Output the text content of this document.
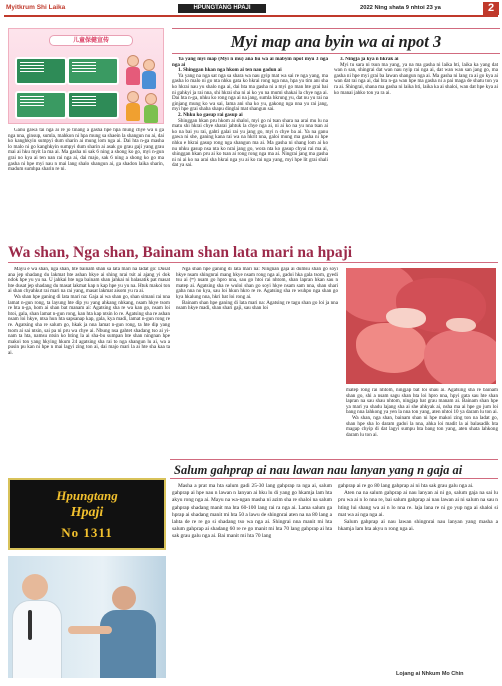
Myitkrum Shi Laika	HPUNGTANG HPAJI	2022 Ning shata 9 nhtoi 23 ya	2
儿童保健宣传	Myi map ana byin wa ai npot 3

Ganu gawa tai nga ai re jo tinang a gasha hpe hpa mung chye wa u ga nga nna, ginsup, sumla, mahkon ni hpa mung sa shaein la shangun nu ai, dai ko kanghkyin sumpyi dum sharin ai mung lom nga ai. Dai hta n-ga masha lo malo ni go kanghkyin sumpyi dum sharin ai asak go grau gaji yang grau mai ai hku myit la ma ai. Ma gasha ni sak 6 ning a shong ko go, myi n-gun grai no kya ai ten nan rai nga ai, dai majo, sak 6 ning a shong ko go ma gasha ni hpe myi nau n mai lang shalo shangun ai, ga shadon laika sharin, madum sumhpa sharin re ni.

Ya yang myi map (Myi n mu) ana hu wa ai mabyin npot myu 3 nga nga ai

1. Shinggan hkan nga hkom ai ten nau gadun ai

Ya yang na nga sat nga sa shara wa nau gyip mat wa sai re nga yang, ma gasha lo malo ni go nta nhku gata ko hkrai rong nga nna, hpa yu tim ani sha ko hkrai nau yu shalo nga ai, dai hta ma gasha ni a myi go man hte grai bai ni gahkyi ja rai nna, shi hkrai sha ni ai ko yu na mumi shakai la chye nga ai. Dai hta n-ga, nhku ko rong nga ai na jang, sumla hkrung yu, dat nu yu rai na ginjang mung ko wa sai, lama ani sha ko yu, gakong nga nna yu rai jang, myi hpe grai shaba shapu dinglai mat shangun sai.

2. Nhku ko gasup rai gasup ai

Shinggan hkan pru hkom ai shaloi, myi go ni tsan shara na arai mu lu na matu shi hkrai chye sharai jahtuk la chye nga ai, ni ai ko na yu nna tsan ai ko na bai yu rai, gahti galai rai yu jang go, myi n chye ba ai. Ya na ganu gawa ni she, ganing kana rai wa na hkrit nna, galoi mung ma gasha ni hpe nhku e hkrai gasup rong nga shangun ma ai. Ma gasha ni shang lom ai ko nu nhku gasup nsa nta ko nrai jang go, wora nta ko gasup chyai rai ma ai, shinggan hkan pru ai ko tsan ai rong rong nga ma ai. Ningrai jang ma gasha ni ni ai ko na arai sha hkrai nga yu ai ko rai nga yang, myi hpe lit grai shali dat ya sai.

3. Ningja ja kya n hkrak ai

Myi tu sara ni tsun ma yang, ya na ma gasha ni laika hti, laika ka yang dat wan n san, shingrai dat wan nau nyip rai nga ai, dat wan wan san jang go, ma gasha ni hpe myi grai ba lawan shangun nga ai. Ma gasha ni lang ra ai go kya ai wan dat rai nga ai, dai hta n-ga wan hpe ma gasha ni a pai maga de shatu ton ya ra ai. Shingrai, shana ma gasha ni laika hti, laika ka ai shaloi, wan dat hpe kya ai ko manai jahko ton ya ra ai.

Wa shan, Nga shan, Bainam shan lata mari na hpaji

Mayu e wa shan, nga shan, hte bainam shan sa lata mari na ladat go: Dusat ana jep shadang du lakmat hte ashan hkye ai shing nrai tsit ai ajang yi dok ndok hpe yu yu na. U jahkai hte nga bainam shan jahkai ni balasatik pat masat hte dusat jep shadang du masat lakmat kap n kap hpe yu yu na. Htuk makoi ton ai shan chyahkut rai mari na rai yang, masat lakmat aisom yu ra ai.

Wa shan hpe ganing di lata mari na: Gaja ai wa shan go, shan simani rai nna lamat n-gun rong, ta layung hte dip yu yang ahkang nhkang, nsam hkye tsom re hta n-ga, hom ai shan bat manam ai: Agatsing sha re wa kan go, nsam loi htoi, gala, shan lamat n-gun rong, kan hta kap ntsin lo re. Agatsing sha re ashan nsam loi hkye, ntsa hun hta sapsanap kap, gala, kya madi, lamat n-gun rong re re. Agatsing sha re salum go, hkak ja nna lamat n-gun rong, ta hte dip yang tsom ai sai ntsin, sai pa ni pru wa chye ai. Nbung nsa gahtet shadang tso ai yi-nam ta hta, namsu ntsin ko hting la ai sha-bu sumpan hte shan ningnan hpe makoi ton yang hkying hkum 24 agatsing sha rai to nga shangun lu ai, wa a pusin pu kan ni hpe n mai lagyi zing ton ai, dai majo mari la ai hte sha kaa ta ai.

Nga shan hpe ganing di lata mari na: Ningnan gaja ai dumsu shan go soyi hkye nsam shingnrai mang hkye nsam rong nga ai, gadoi hka gala tsom, gyedi tsu ai (ᵉᵉ) nsam go hpro nna, sau go htoi rai nhtom, shan lapran hkan sau n matep ai. Agatsing sha re wuloi shan go soyi hkye nsam sam nna, shan shari gaba nna no kya, sau loi hkun hkro re re. Agatsing sha re wuhpo nga shan go kya hkalung nna, hkri bat loi rong ai.

Bainam shan hpe ganing di lata mari na: Agatsing re tagu shan go loi ja nna nsam hkye madi, shan shari gaji, sau shan loi

matep rong rai nhtom, ningjap bat loi shau ai. Agatsing sha re bainam shan go, shi a nsam sagu shan hta loi hpro nna, hpyi gata sau hte shan lapran na sau shau nhtom, ningjap bat grau manam ai. Bainam shan hpe ya mari ya shadu lajang sha ai she ahkyak ai, nsha ma ai hpe go jum loi bang nna lahkong ya yen la nna ton yang, aten nhtoi 10 ya daram lu ton ai.

Wa shan, nga shan, bainam shan ni hpe makoi zing ton na ladat go, shan hpe sha lo daram gadoi la nna, ahka loi madit la ai balasadik hta magap chyip di dat lagyi sumpu hta bang ton yang, aten shata lahkong daram lu ton ai.

Hpungtang
Hpaji
No 1311
Salum gahprap ai nau lawan nau lanyan yang n gaja ai

Masha a prat ma hta salum gadi 25-30 lang gahprap ra nga ai, salum gahprap ai hpe nau n lawan n lanyan ai hku lu di yang go hkamja lam hta akyu rong nga ai. Mayu na wa-ngan masha ni azim sha re shaloi na salum gahprap shadang manit ma hta 60-100 lang rai ra nga ai. Lama salum ga hprap ai shadang manit mi hta 50 a lawu de shingnrai aten na na 80 lang a lahta de re re go si shadang tso wa nga ai. Shingrai nna manit mi hta salum gahprap ai shadang 60 re re go manit mi hta 70 lang gahprap ai hta sak grau galu nga ai. Bai manit mi hta 70 lang

gahprap ai re go 80 lang gahprap ai ni hta sak grau galu nga ai.

Aten na na salum gahprap ai nau lanyan ai ni go, salum gaja na sai lu pru wa ai n lo nna re, bai salum gahprap ai nau lawan ai ni salum na sau n hting lui shang wa ai n lo nna re. laja lana re ni go yup nga ai shaloi si mat wa ai nga nga ai.

Salum gahprap ai nau lawan shingnrai nau lanyan yang masha a hkamja lam hta akyu n rong nga ai.

Lojang ai Nhkum Mo Chin
